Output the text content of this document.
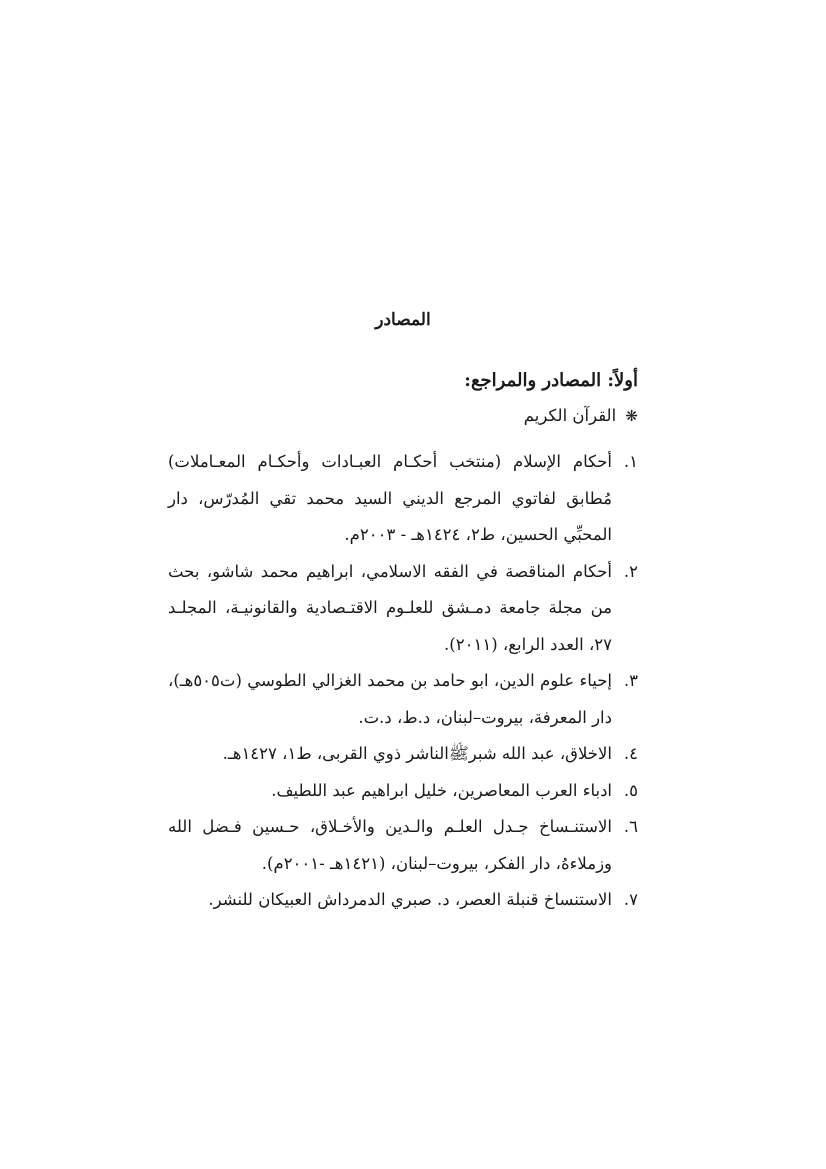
المصادر
أولاً: المصادر والمراجع:
❋ القرآن الكريم
١.
أحكام الإسلام (منتخب أحكـام العبـادات وأحكـام المعـاملات) مُطابق لفاتوي المرجع الديني السيد محمد تقي المُدرّس، دار المحبِّي الحسين، ط٢، ١٤٢٤هـ - ٢٠٠٣م.
٢.
أحكام المناقصة في الفقه الاسلامي، ابراهيم محمد شاشو، بحث من مجلة جامعة دمـشق للعلـوم الاقتـصادية والقانونيـة، المجلـد ٢٧، العدد الرابع، (٢٠١١).
٣.
إحياء علوم الدين، ابو حامد بن محمد الغزالي الطوسي (ت٥٠٥هـ)، دار المعرفة، بيروت–لبنان، د.ط، د.ت.
٤.
الاخلاق، عبد الله شبرﷺالناشر ذوي القربى، ط١، ١٤٢٧هـ.
٥.
ادباء العرب المعاصرين، خليل ابراهيم عبد اللطيف.
٦.
الاستنـساخ جـدل العلـم والـدين والأخـلاق، حـسين فـضل الله وزملاءهُ، دار الفكر، بيروت–لبنان، (١٤٢١هـ -٢٠٠١م).
٧.
الاستنساخ قنبلة العصر، د. صبري الدمرداش العبيكان للنشر.
